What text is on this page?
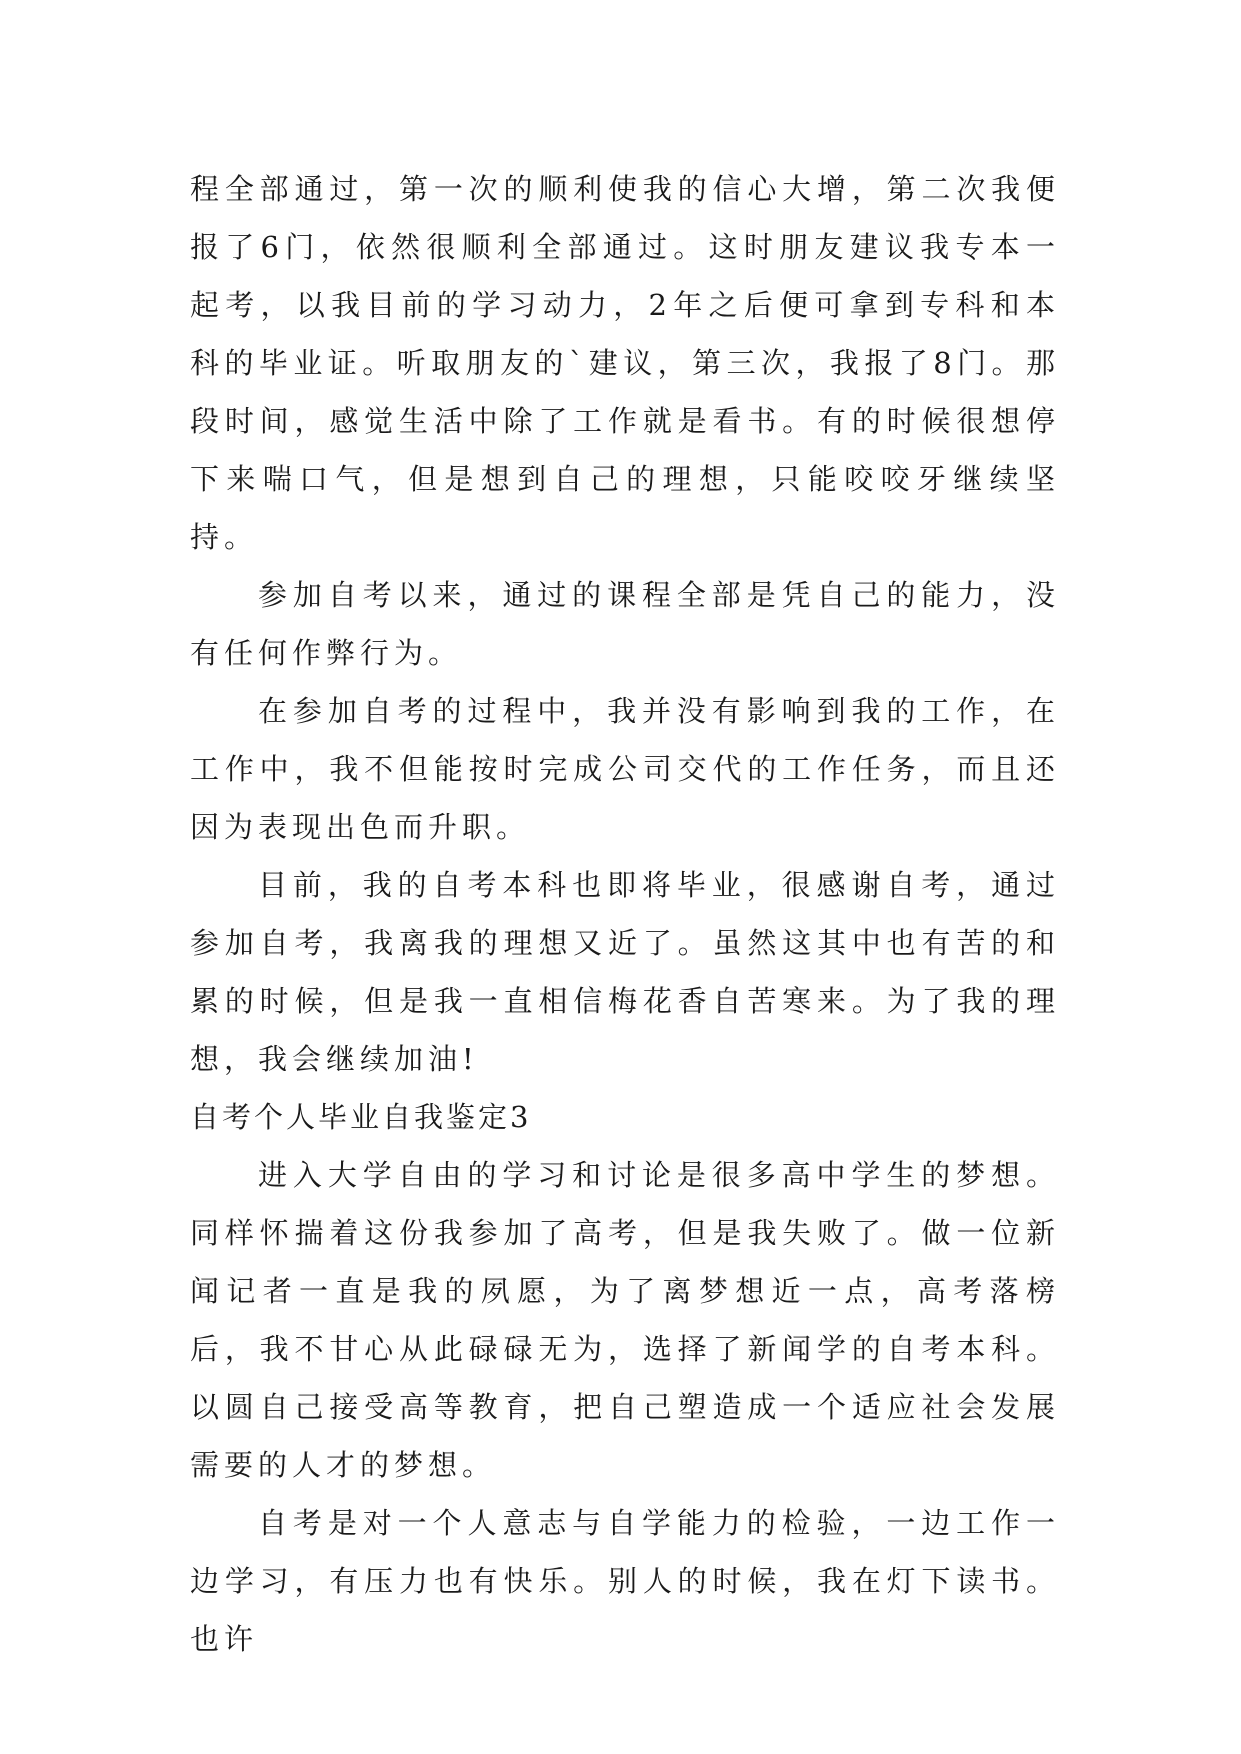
程全部通过，第一次的顺利使我的信心大增，第二次我便报了6门，依然很顺利全部通过。这时朋友建议我专本一起考，以我目前的学习动力，2年之后便可拿到专科和本科的毕业证。听取朋友的`建议，第三次，我报了8门。那段时间，感觉生活中除了工作就是看书。有的时候很想停下来喘口气，但是想到自己的理想，只能咬咬牙继续坚持。

参加自考以来，通过的课程全部是凭自己的能力，没有任何作弊行为。

在参加自考的过程中，我并没有影响到我的工作，在工作中，我不但能按时完成公司交代的工作任务，而且还因为表现出色而升职。

目前，我的自考本科也即将毕业，很感谢自考，通过参加自考，我离我的理想又近了。虽然这其中也有苦的和累的时候，但是我一直相信梅花香自苦寒来。为了我的理想，我会继续加油!

自考个人毕业自我鉴定3

进入大学自由的学习和讨论是很多高中学生的梦想。同样怀揣着这份我参加了高考，但是我失败了。做一位新闻记者一直是我的夙愿，为了离梦想近一点，高考落榜后，我不甘心从此碌碌无为，选择了新闻学的自考本科。以圆自己接受高等教育，把自己塑造成一个适应社会发展需要的人才的梦想。

自考是对一个人意志与自学能力的检验，一边工作一边学习，有压力也有快乐。别人的时候，我在灯下读书。也许
